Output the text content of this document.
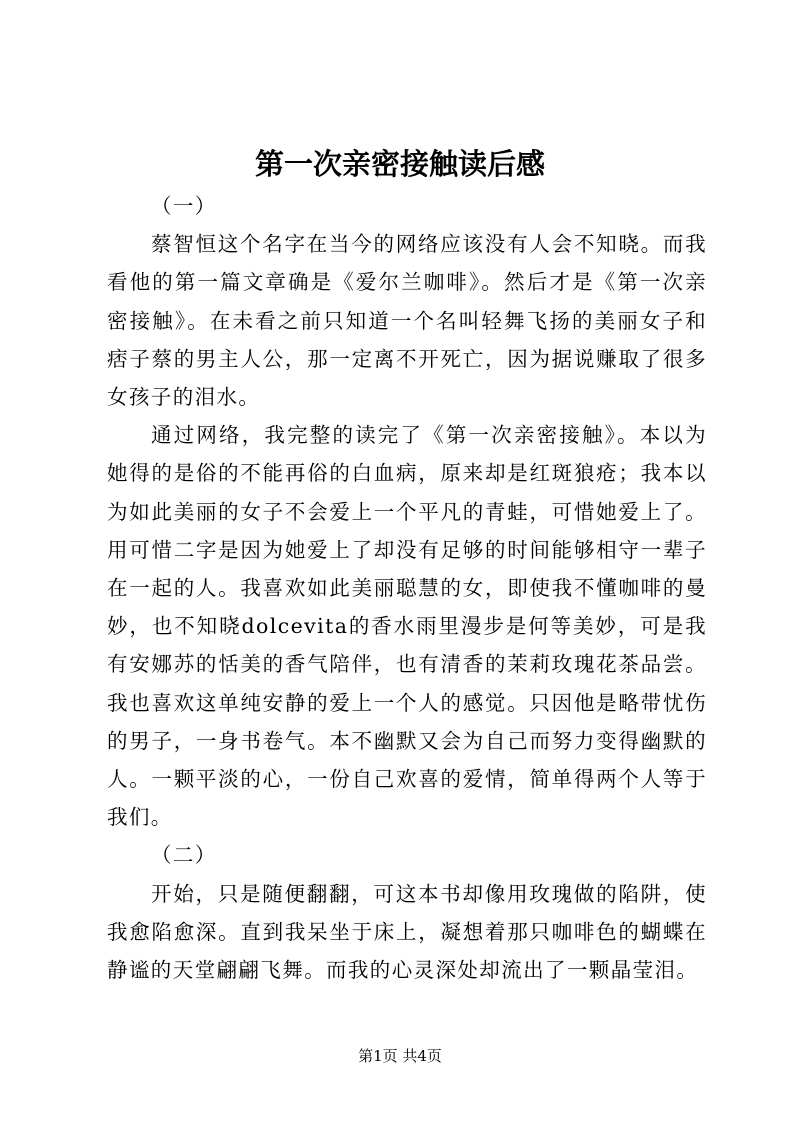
第一次亲密接触读后感

（一）

蔡智恒这个名字在当今的网络应该没有人会不知晓。而我看他的第一篇文章确是《爱尔兰咖啡》。然后才是《第一次亲密接触》。在未看之前只知道一个名叫轻舞飞扬的美丽女子和痞子蔡的男主人公，那一定离不开死亡，因为据说赚取了很多女孩子的泪水。

通过网络，我完整的读完了《第一次亲密接触》。本以为她得的是俗的不能再俗的白血病，原来却是红斑狼疮；我本以为如此美丽的女子不会爱上一个平凡的青蛙，可惜她爱上了。用可惜二字是因为她爱上了却没有足够的时间能够相守一辈子在一起的人。我喜欢如此美丽聪慧的女，即使我不懂咖啡的曼妙，也不知晓dolcevita的香水雨里漫步是何等美妙，可是我有安娜苏的恬美的香气陪伴，也有清香的茉莉玫瑰花茶品尝。我也喜欢这单纯安静的爱上一个人的感觉。只因他是略带忧伤的男子，一身书卷气。本不幽默又会为自己而努力变得幽默的人。一颗平淡的心，一份自己欢喜的爱情，简单得两个人等于我们。

（二）

开始，只是随便翻翻，可这本书却像用玫瑰做的陷阱，使我愈陷愈深。直到我呆坐于床上，凝想着那只咖啡色的蝴蝶在静谧的天堂翩翩飞舞。而我的心灵深处却流出了一颗晶莹泪。

第1页 共4页
